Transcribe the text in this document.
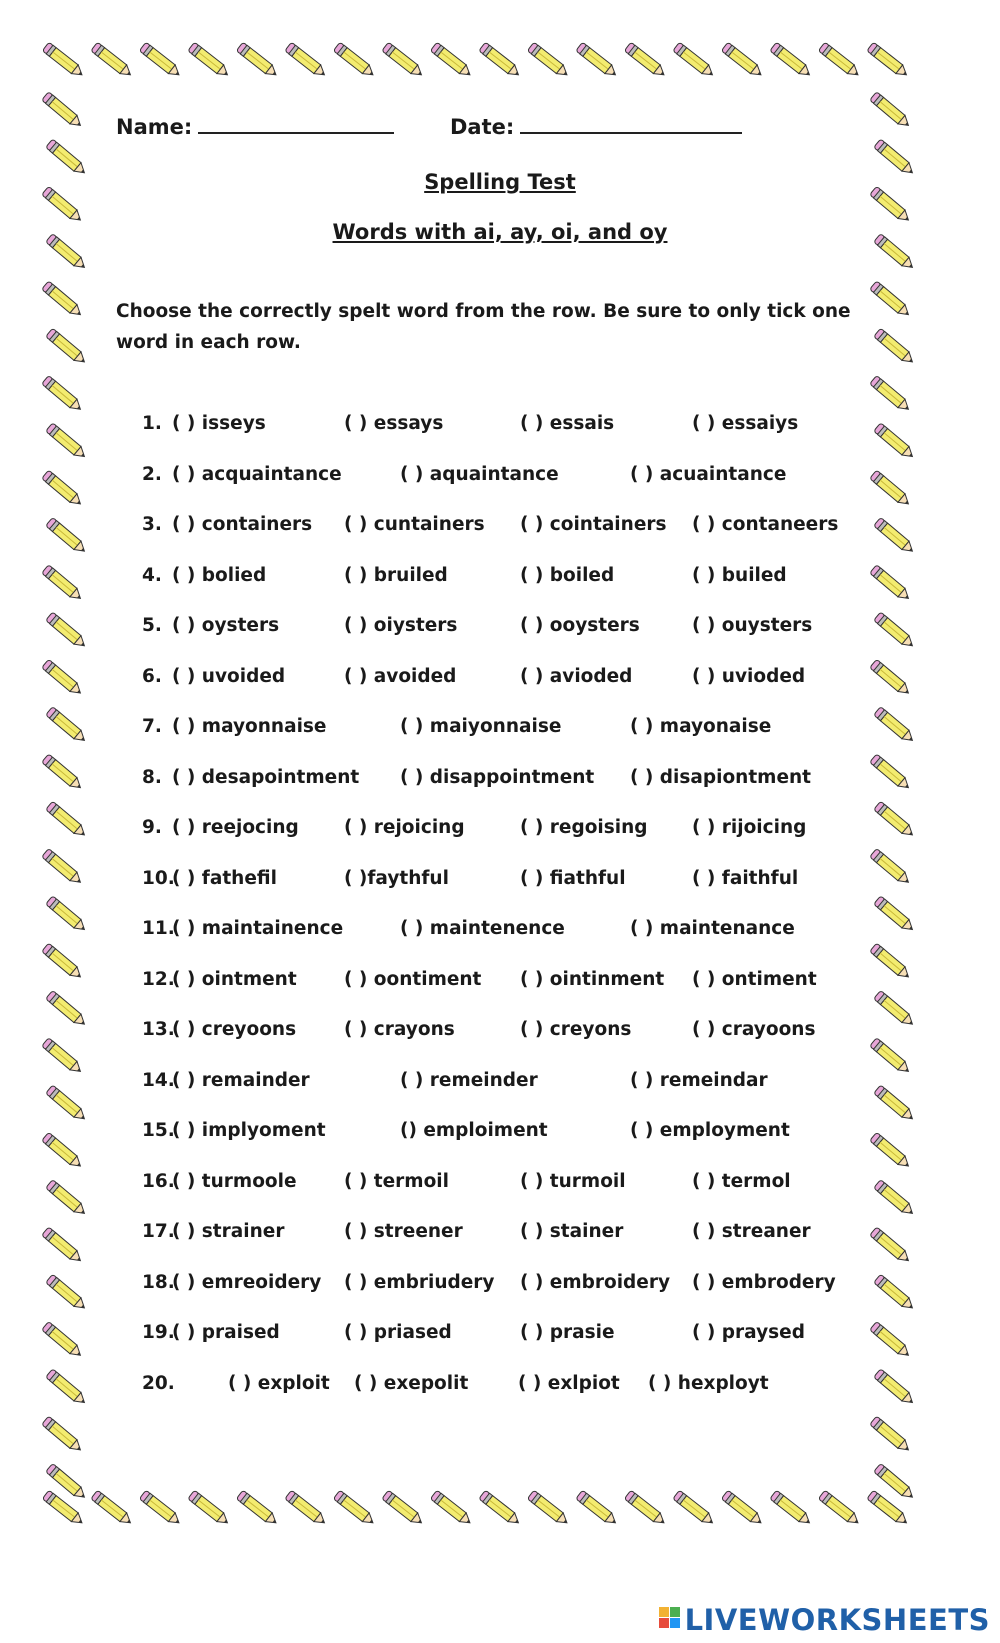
Name:	Date:
Spelling Test
Words with ai, ay, oi, and oy
Choose the correctly spelt word from the row. Be sure to only tick one word in each row.
1. ( ) isseys	( ) essays	( ) essais	( ) essaiys
2. ( ) acquaintance	( ) aquaintance	( ) acuaintance
3. ( ) containers ( ) cuntainers ( ) cointainers ( ) contaneers
4. ( ) bolied	( ) bruiled	( ) boiled	( ) builed
5. ( ) oysters	( ) oiysters	( ) ooysters	( ) ouysters
6. ( ) uvoided	( ) avoided	( ) avioded	( ) uvioded
7. ( ) mayonnaise	( ) maiyonnaise	( ) mayonaise
8. ( ) desapointment ( ) disappointment ( ) disapiontment
9. ( ) reejocing ( ) rejoicing	( ) regoising ( ) rijoicing
10.
( ) fathefil	( )faythful	( ) fiathful	( ) faithful
11.
( ) maintainence	( ) maintenence	( ) maintenance
12.
( ) ointment	( ) oontiment ( ) ointinment ( ) ontiment
13.
( ) creyoons	( ) crayons	( ) creyons	( ) crayoons
14.
( ) remainder	( ) remeinder	( ) remeindar
15.
( ) implyoment	() emploiment	( ) employment
16.
( ) turmoole	( ) termoil	( ) turmoil	( ) termol
17.
( ) strainer	( ) streener	( ) stainer	( ) streaner
18.
( ) emreoidery ( ) embriudery ( ) embroidery ( ) embrodery
19.
( ) praised	( ) priased	( ) prasie	( ) praysed
20.	( ) exploit ( ) exepolit	( ) exlpiot ( ) hexployt
LIVEWORKSHEETS
